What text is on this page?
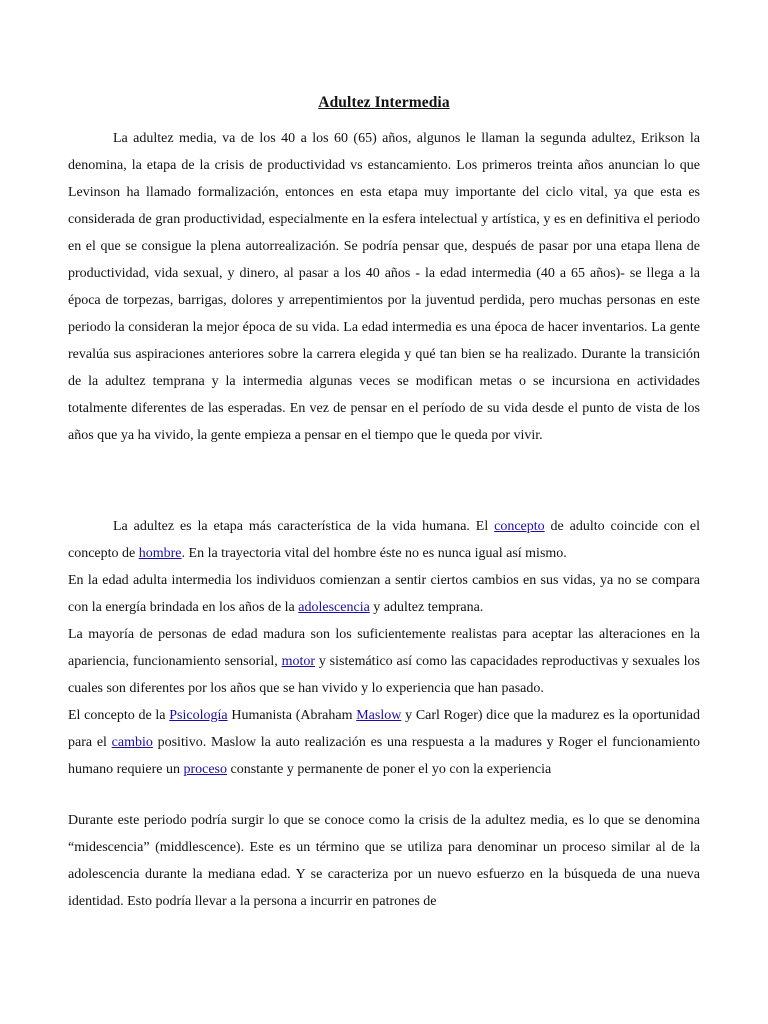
Adultez Intermedia

La adultez media, va de los 40 a los 60 (65) años, algunos le llaman la segunda adultez, Erikson la denomina, la etapa de la crisis de productividad vs estancamiento. Los primeros treinta años anuncian lo que Levinson ha llamado formalización, entonces en esta etapa muy importante del ciclo vital, ya que esta es considerada de gran productividad, especialmente en la esfera intelectual y artística, y es en definitiva el periodo en el que se consigue la plena autorrealización. Se podría pensar que, después de pasar por una etapa llena de productividad, vida sexual, y dinero, al pasar a los 40 años - la edad intermedia (40 a 65 años)- se llega a la época de torpezas, barrigas, dolores y arrepentimientos por la juventud perdida, pero muchas personas en este periodo la consideran la mejor época de su vida. La edad intermedia es una época de hacer inventarios. La gente revalúa sus aspiraciones anteriores sobre la carrera elegida y qué tan bien se ha realizado. Durante la transición de la adultez temprana y la intermedia algunas veces se modifican metas o se incursiona en actividades totalmente diferentes de las esperadas. En vez de pensar en el período de su vida desde el punto de vista de los años que ya ha vivido, la gente empieza a pensar en el tiempo que le queda por vivir.

La adultez es la etapa más característica de la vida humana. El concepto de adulto coincide con el concepto de hombre. En la trayectoria vital del hombre éste no es nunca igual así mismo.

En la edad adulta intermedia los individuos comienzan a sentir ciertos cambios en sus vidas, ya no se compara con la energía brindada en los años de la adolescencia y adultez temprana.

La mayoría de personas de edad madura son los suficientemente realistas para aceptar las alteraciones en la apariencia, funcionamiento sensorial, motor y sistemático así como las capacidades reproductivas y sexuales los cuales son diferentes por los años que se han vivido y lo experiencia que han pasado.

El concepto de la Psicología Humanista (Abraham Maslow y Carl Roger) dice que la madurez es la oportunidad para el cambio positivo. Maslow la auto realización es una respuesta a la madures y Roger el funcionamiento humano requiere un proceso constante y permanente de poner el yo con la experiencia

Durante este periodo podría surgir lo que se conoce como la crisis de la adultez media, es lo que se denomina “midescencia” (middlescence). Este es un término que se utiliza para denominar un proceso similar al de la adolescencia durante la mediana edad. Y se caracteriza por un nuevo esfuerzo en la búsqueda de una nueva identidad. Esto podría llevar a la persona a incurrir en patrones de
